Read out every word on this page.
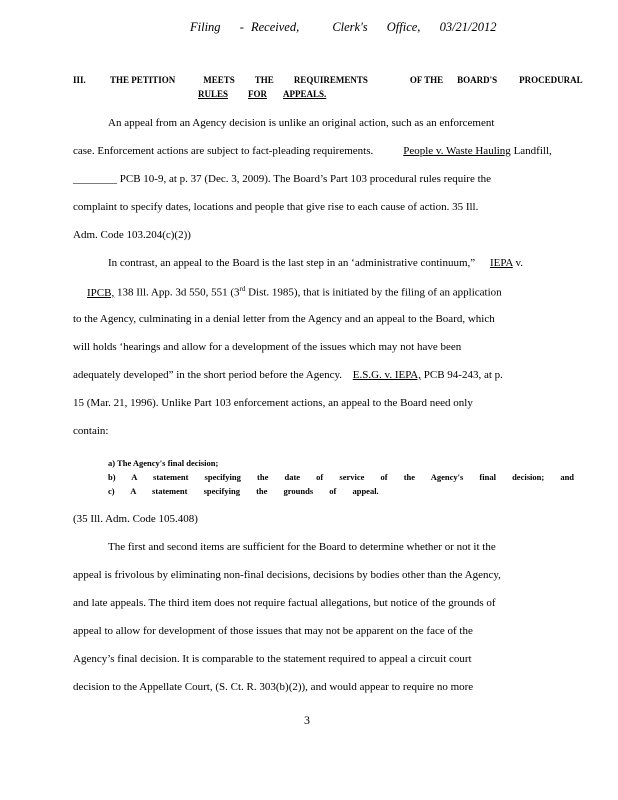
Filing - Received,	Clerk's Office, 03/21/2012
III.	THE PETITION	MEETS THE REQUIREMENTS	OF THE BOARD'S PROCEDURAL
RULES FOR APPEALS.
An appeal from an Agency decision is unlike an original action, such as an enforcement
case. Enforcement actions are subject to fact-pleading requirements.	People v. Waste Hauling Landfill,
________ PCB 10-9, at p. 37 (Dec. 3, 2009). The Board’s Part 103 procedural rules require the
complaint to specify dates, locations and people that give rise to each cause of action. 35 Ill.
Adm. Code 103.204(c)(2))
In contrast, an appeal to the Board is the last step in an ‘administrative continuum,” IEPA v.
IPCB, 138 Ill. App. 3d 550, 551 (3rd Dist. 1985), that is initiated by the filing of an application
to the Agency, culminating in a denial letter from the Agency and an appeal to the Board, which
will holds ‘hearings and allow for a development of the issues which may not have been
adequately developed” in the short period before the Agency. E.S.G. v. IEPA, PCB 94-243, at p.
15 (Mar. 21, 1996). Unlike Part 103 enforcement actions, an appeal to the Board need only
contain:
a) The Agency's final decision;
b) A statement specifying the date of service of the Agency's final decision; and
c) A statement specifying the grounds of appeal.
(35 Ill. Adm. Code 105.408)
The first and second items are sufficient for the Board to determine whether or not it the
appeal is frivolous by eliminating non-final decisions, decisions by bodies other than the Agency,
and late appeals. The third item does not require factual allegations, but notice of the grounds of
appeal to allow for development of those issues that may not be apparent on the face of the
Agency’s final decision. It is comparable to the statement required to appeal a circuit court
decision to the Appellate Court, (S. Ct. R. 303(b)(2)), and would appear to require no more
3
